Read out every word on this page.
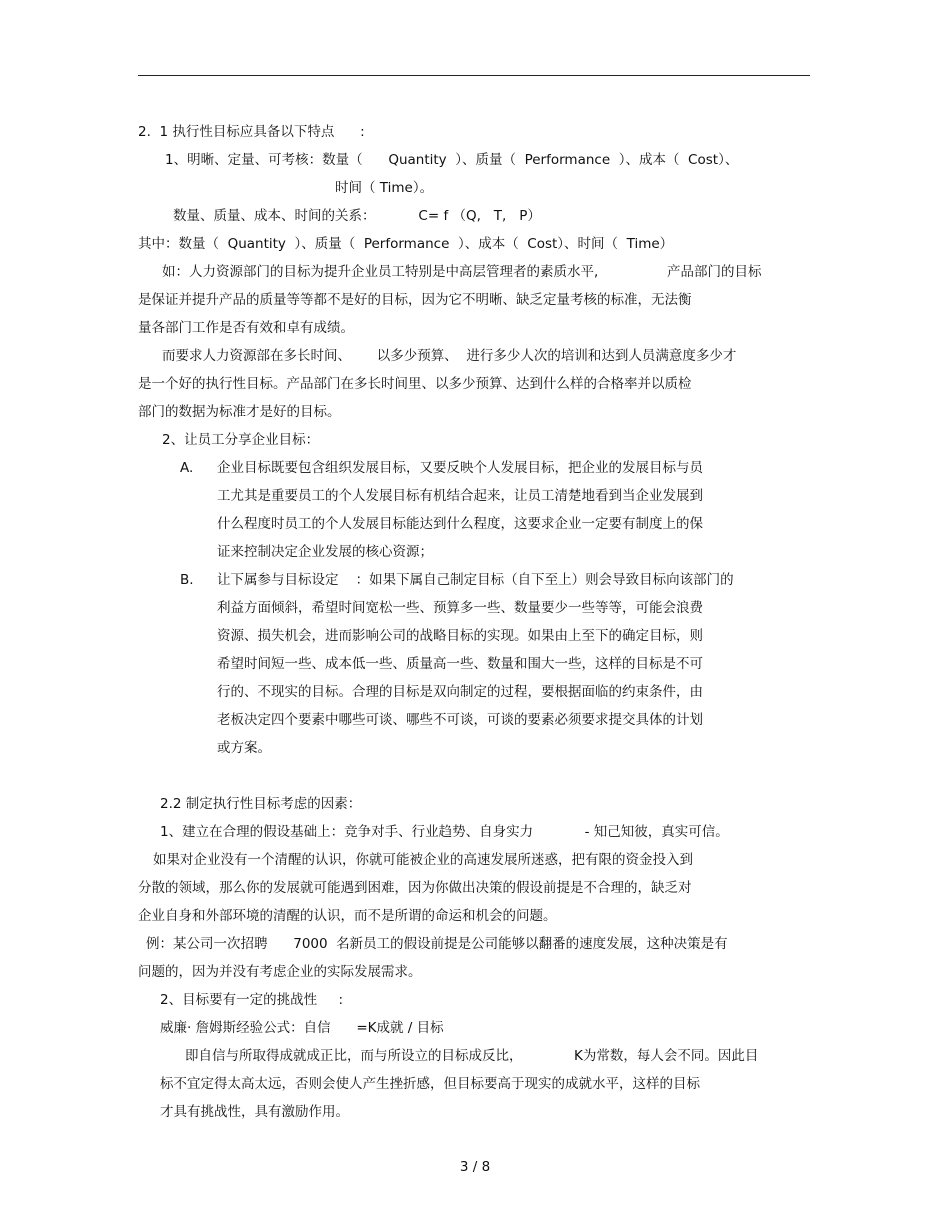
2.  1 执行性目标应具备以下特点      :
1、明晰、定量、可考核：数量（      Quantity  ）、质量（  Performance  ）、成本（  Cost）、
时间（ Time）。
数量、质量、成本、时间的关系：          C= f （Q,   T,   P）
其中：数量（  Quantity  ）、质量（  Performance  ）、成本（  Cost）、时间（  Time）
如：人力资源部门的目标为提升企业员工特别是中高层管理者的素质水平,                产品部门的目标
是保证并提升产品的质量等等都不是好的目标，因为它不明晰、缺乏定量考核的标准，无法衡
量各部门工作是否有效和卓有成绩。
而要求人力资源部在多长时间、      以多少预算、  进行多少人次的培训和达到人员满意度多少才
是一个好的执行性目标。产品部门在多长时间里、以多少预算、达到什么样的合格率并以质检
部门的数据为标准才是好的目标。
2、让员工分享企业目标：
A. 企业目标既要包含组织发展目标，又要反映个人发展目标，把企业的发展目标与员
工尤其是重要员工的个人发展目标有机结合起来，让员工清楚地看到当企业发展到
什么程度时员工的个人发展目标能达到什么程度，这要求企业一定要有制度上的保
证来控制决定企业发展的核心资源；
B. 让下属参与目标设定    ：如果下属自己制定目标（自下至上）则会导致目标向该部门的
利益方面倾斜，希望时间宽松一些、预算多一些、数量要少一些等等，可能会浪费
资源、损失机会，进而影响公司的战略目标的实现。如果由上至下的确定目标，则
希望时间短一些、成本低一些、质量高一些、数量和围大一些，这样的目标是不可
行的、不现实的目标。合理的目标是双向制定的过程，要根据面临的约束条件，由
老板决定四个要素中哪些可谈、哪些不可谈，可谈的要素必须要求提交具体的计划
或方案。
2.2 制定执行性目标考虑的因素：
1、建立在合理的假设基础上：竞争对手、行业趋势、自身实力            - 知己知彼，真实可信。
如果对企业没有一个清醒的认识，你就可能被企业的高速发展所迷惑，把有限的资金投入到
分散的领域，那么你的发展就可能遇到困难，因为你做出决策的假设前提是不合理的，缺乏对
企业自身和外部环境的清醒的认识，而不是所谓的命运和机会的问题。
例：某公司一次招聘      7000  名新员工的假设前提是公司能够以翻番的速度发展，这种决策是有
问题的，因为并没有考虑企业的实际发展需求。
2、目标要有一定的挑战性     :
威廉· 詹姆斯经验公式：自信      =K成就 / 目标
即自信与所取得成就成正比，而与所设立的目标成反比，            K为常数，每人会不同。因此目
标不宜定得太高太远，否则会使人产生挫折感，但目标要高于现实的成就水平，这样的目标
才具有挑战性，具有激励作用。
3 / 8
